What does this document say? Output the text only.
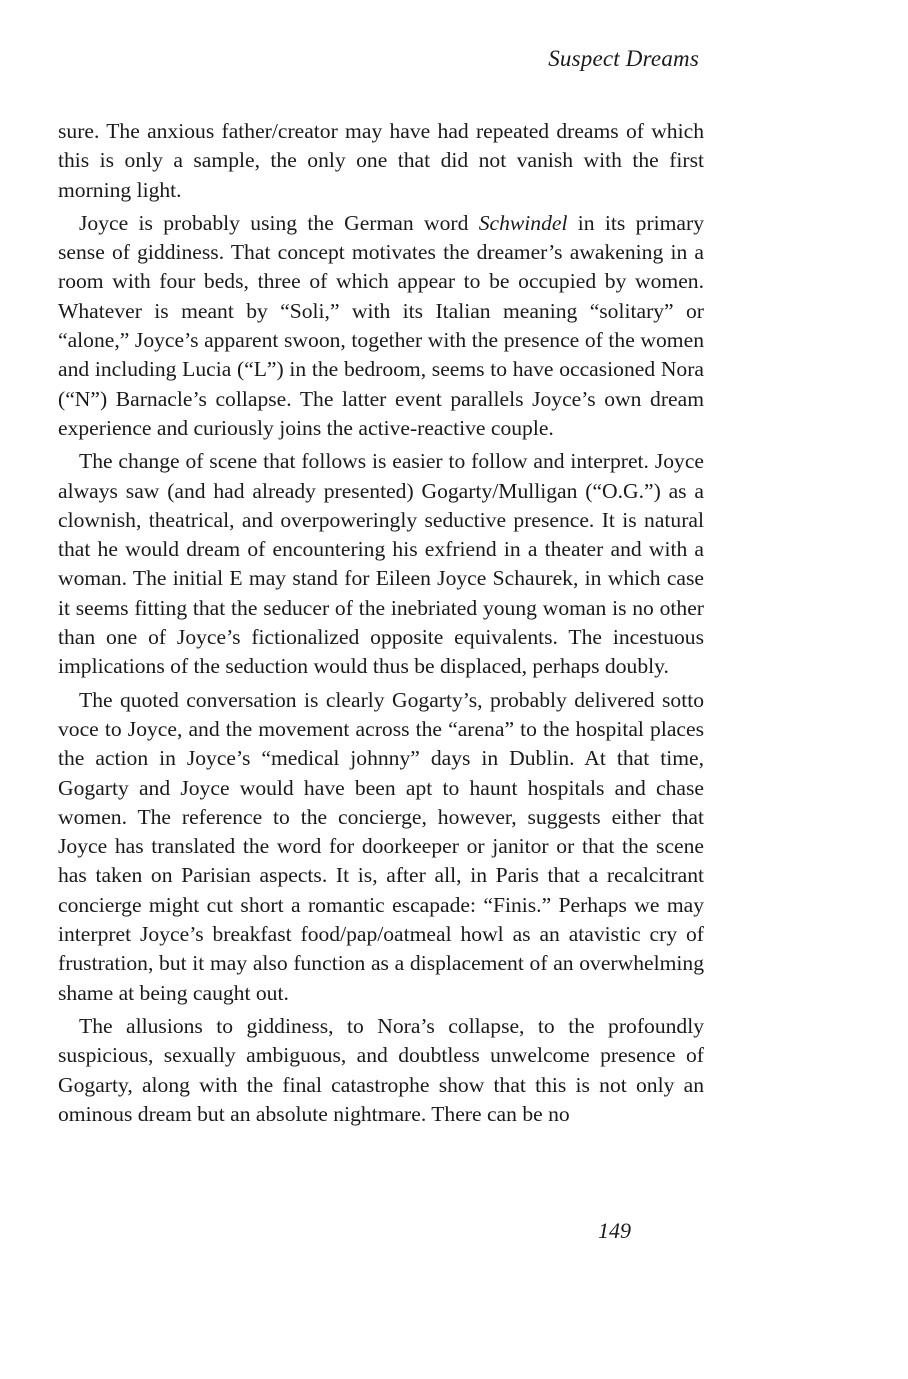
Suspect Dreams

sure. The anxious father/creator may have had repeated dreams of which this is only a sample, the only one that did not vanish with the first morning light.

Joyce is probably using the German word Schwindel in its primary sense of giddiness. That concept motivates the dreamer’s awakening in a room with four beds, three of which appear to be occupied by women. Whatever is meant by “Soli,” with its Italian meaning “solitary” or “alone,” Joyce’s apparent swoon, together with the presence of the women and including Lucia (“L”) in the bedroom, seems to have occasioned Nora (“N”) Barnacle’s collapse. The latter event parallels Joyce’s own dream experience and curiously joins the active-reactive couple.

The change of scene that follows is easier to follow and interpret. Joyce always saw (and had already presented) Gogarty/Mulligan (“O.G.”) as a clownish, theatrical, and overpoweringly seductive presence. It is natural that he would dream of encountering his exfriend in a theater and with a woman. The initial E may stand for Eileen Joyce Schaurek, in which case it seems fitting that the seducer of the inebriated young woman is no other than one of Joyce’s fictionalized opposite equivalents. The incestuous implications of the seduction would thus be displaced, perhaps doubly.

The quoted conversation is clearly Gogarty’s, probably delivered sotto voce to Joyce, and the movement across the “arena” to the hospital places the action in Joyce’s “medical johnny” days in Dublin. At that time, Gogarty and Joyce would have been apt to haunt hospitals and chase women. The reference to the concierge, however, suggests either that Joyce has translated the word for doorkeeper or janitor or that the scene has taken on Parisian aspects. It is, after all, in Paris that a recalcitrant concierge might cut short a romantic escapade: “Finis.” Perhaps we may interpret Joyce’s breakfast food/pap/oatmeal howl as an atavistic cry of frustration, but it may also function as a displacement of an overwhelming shame at being caught out.

The allusions to giddiness, to Nora’s collapse, to the profoundly suspicious, sexually ambiguous, and doubtless unwelcome presence of Gogarty, along with the final catastrophe show that this is not only an ominous dream but an absolute nightmare. There can be no

149
